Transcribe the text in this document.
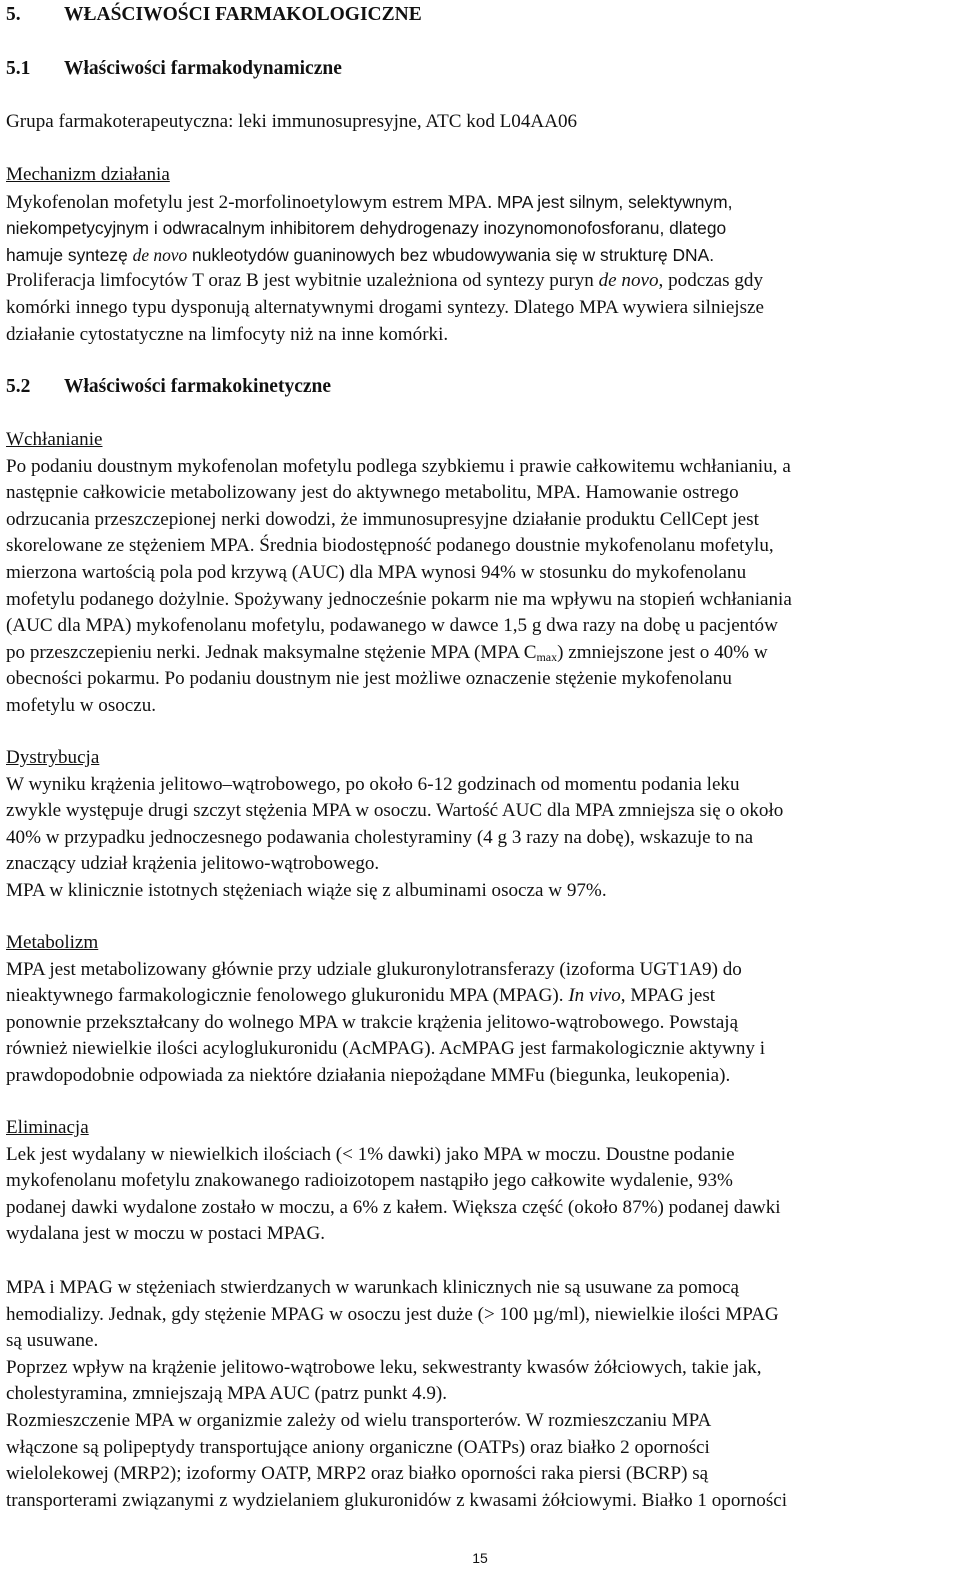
5. WŁAŚCIWOŚCI FARMAKOLOGICZNE
5.1 Właściwości farmakodynamiczne
Grupa farmakoterapeutyczna: leki immunosupresyjne, ATC kod L04AA06
Mechanizm działania
Mykofenolan mofetylu jest 2-morfolinoetylowym estrem MPA. MPA jest silnym, selektywnym,
niekompetycyjnym i odwracalnym inhibitorem dehydrogenazy inozynomonofosforanu, dlatego
hamuje syntezę de novo nukleotydów guaninowych bez wbudowywania się w strukturę DNA.
Proliferacja limfocytów T oraz B jest wybitnie uzależniona od syntezy puryn de novo, podczas gdy
komórki innego typu dysponują alternatywnymi drogami syntezy. Dlatego MPA wywiera silniejsze
działanie cytostatyczne na limfocyty niż na inne komórki.
5.2 Właściwości farmakokinetyczne
Wchłanianie
Po podaniu doustnym mykofenolan mofetylu podlega szybkiemu i prawie całkowitemu wchłanianiu, a
następnie całkowicie metabolizowany jest do aktywnego metabolitu, MPA. Hamowanie ostrego
odrzucania przeszczepionej nerki dowodzi, że immunosupresyjne działanie produktu CellCept jest
skorelowane ze stężeniem MPA. Średnia biodostępność podanego doustnie mykofenolanu mofetylu,
mierzona wartością pola pod krzywą (AUC) dla MPA wynosi 94% w stosunku do mykofenolanu
mofetylu podanego dożylnie. Spożywany jednocześnie pokarm nie ma wpływu na stopień wchłaniania
(AUC dla MPA) mykofenolanu mofetylu, podawanego w dawce 1,5 g dwa razy na dobę u pacjentów
po przeszczepieniu nerki. Jednak maksymalne stężenie MPA (MPA $C_{max}$) zmniejszone jest o 40% w
obecności pokarmu. Po podaniu doustnym nie jest możliwe oznaczenie stężenie mykofenolanu
mofetylu w osoczu.
Dystrybucja
W wyniku krążenia jelitowo–wątrobowego, po około 6-12 godzinach od momentu podania leku
zwykle występuje drugi szczyt stężenia MPA w osoczu. Wartość AUC dla MPA zmniejsza się o około
40% w przypadku jednoczesnego podawania cholestyraminy (4 g 3 razy na dobę), wskazuje to na
znaczący udział krążenia jelitowo-wątrobowego.
MPA w klinicznie istotnych stężeniach wiąże się z albuminami osocza w 97%.
Metabolizm
MPA jest metabolizowany głównie przy udziale glukuronylotransferazy (izoforma UGT1A9) do
nieaktywnego farmakologicznie fenolowego glukuronidu MPA (MPAG). In vivo, MPAG jest
ponownie przekształcany do wolnego MPA w trakcie krążenia jelitowo-wątrobowego. Powstają
również niewielkie ilości acyloglukuronidu (AcMPAG). AcMPAG jest farmakologicznie aktywny i
prawdopodobnie odpowiada za niektóre działania niepożądane MMFu (biegunka, leukopenia).
Eliminacja
Lek jest wydalany w niewielkich ilościach (< 1% dawki) jako MPA w moczu. Doustne podanie
mykofenolanu mofetylu znakowanego radioizotopem nastąpiło jego całkowite wydalenie, 93%
podanej dawki wydalone zostało w moczu, a 6% z kałem. Większa część (około 87%) podanej dawki
wydalana jest w moczu w postaci MPAG.
MPA i MPAG w stężeniach stwierdzanych w warunkach klinicznych nie są usuwane za pomocą
hemodializy. Jednak, gdy stężenie MPAG w osoczu jest duże (> 100 µg/ml), niewielkie ilości MPAG
są usuwane.
Poprzez wpływ na krążenie jelitowo-wątrobowe leku, sekwestranty kwasów żółciowych, takie jak,
cholestyramina, zmniejszają MPA AUC (patrz punkt 4.9).
Rozmieszczenie MPA w organizmie zależy od wielu transporterów. W rozmieszczaniu MPA
włączone są polipeptydy transportujące aniony organiczne (OATPs) oraz białko 2 oporności
wielolekowej (MRP2); izoformy OATP, MRP2 oraz białko oporności raka piersi (BCRP) są
transporterami związanymi z wydzielaniem glukuronidów z kwasami żółciowymi. Białko 1 oporności
15
